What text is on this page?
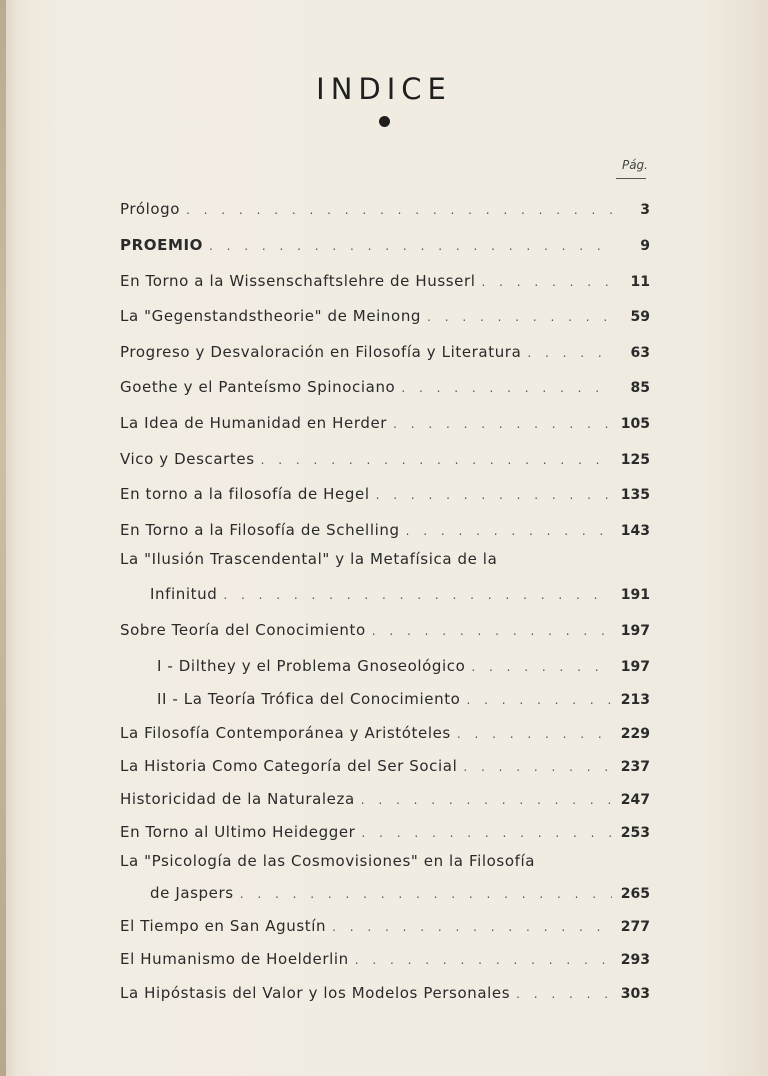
INDICE
Pág.
Prólogo . . .	3
PROEMIO . . .	9
En Torno a la Wissenschaftslehre de Husserl . . .	11
La "Gegenstandstheorie" de Meinong . . .	59
Progreso y Desvaloración en Filosofía y Literatura . . .	63
Goethe y el Panteísmo Spinociano . . .	85
La Idea de Humanidad en Herder . . .	105
Vico y Descartes . . .	125
En torno a la filosofía de Hegel . . .	135
En Torno a la Filosofía de Schelling . . .	143
La "Ilusión Trascendental" y la Metafísica de la
Infinitud . . .	191
Sobre Teoría del Conocimiento . . .	197
I - Dilthey y el Problema Gnoseológico . . .	197
II - La Teoría Trófica del Conocimiento . . .	213
La Filosofía Contemporánea y Aristóteles . . .	229
La Historia Como Categoría del Ser Social . . .	237
Historicidad de la Naturaleza . . .	247
En Torno al Ultimo Heidegger . . .	253
La "Psicología de las Cosmovisiones" en la Filosofía
de Jaspers . . .	265
El Tiempo en San Agustín . . .	277
El Humanismo de Hoelderlin . . .	293
La Hipóstasis del Valor y los Modelos Personales . . .	303
